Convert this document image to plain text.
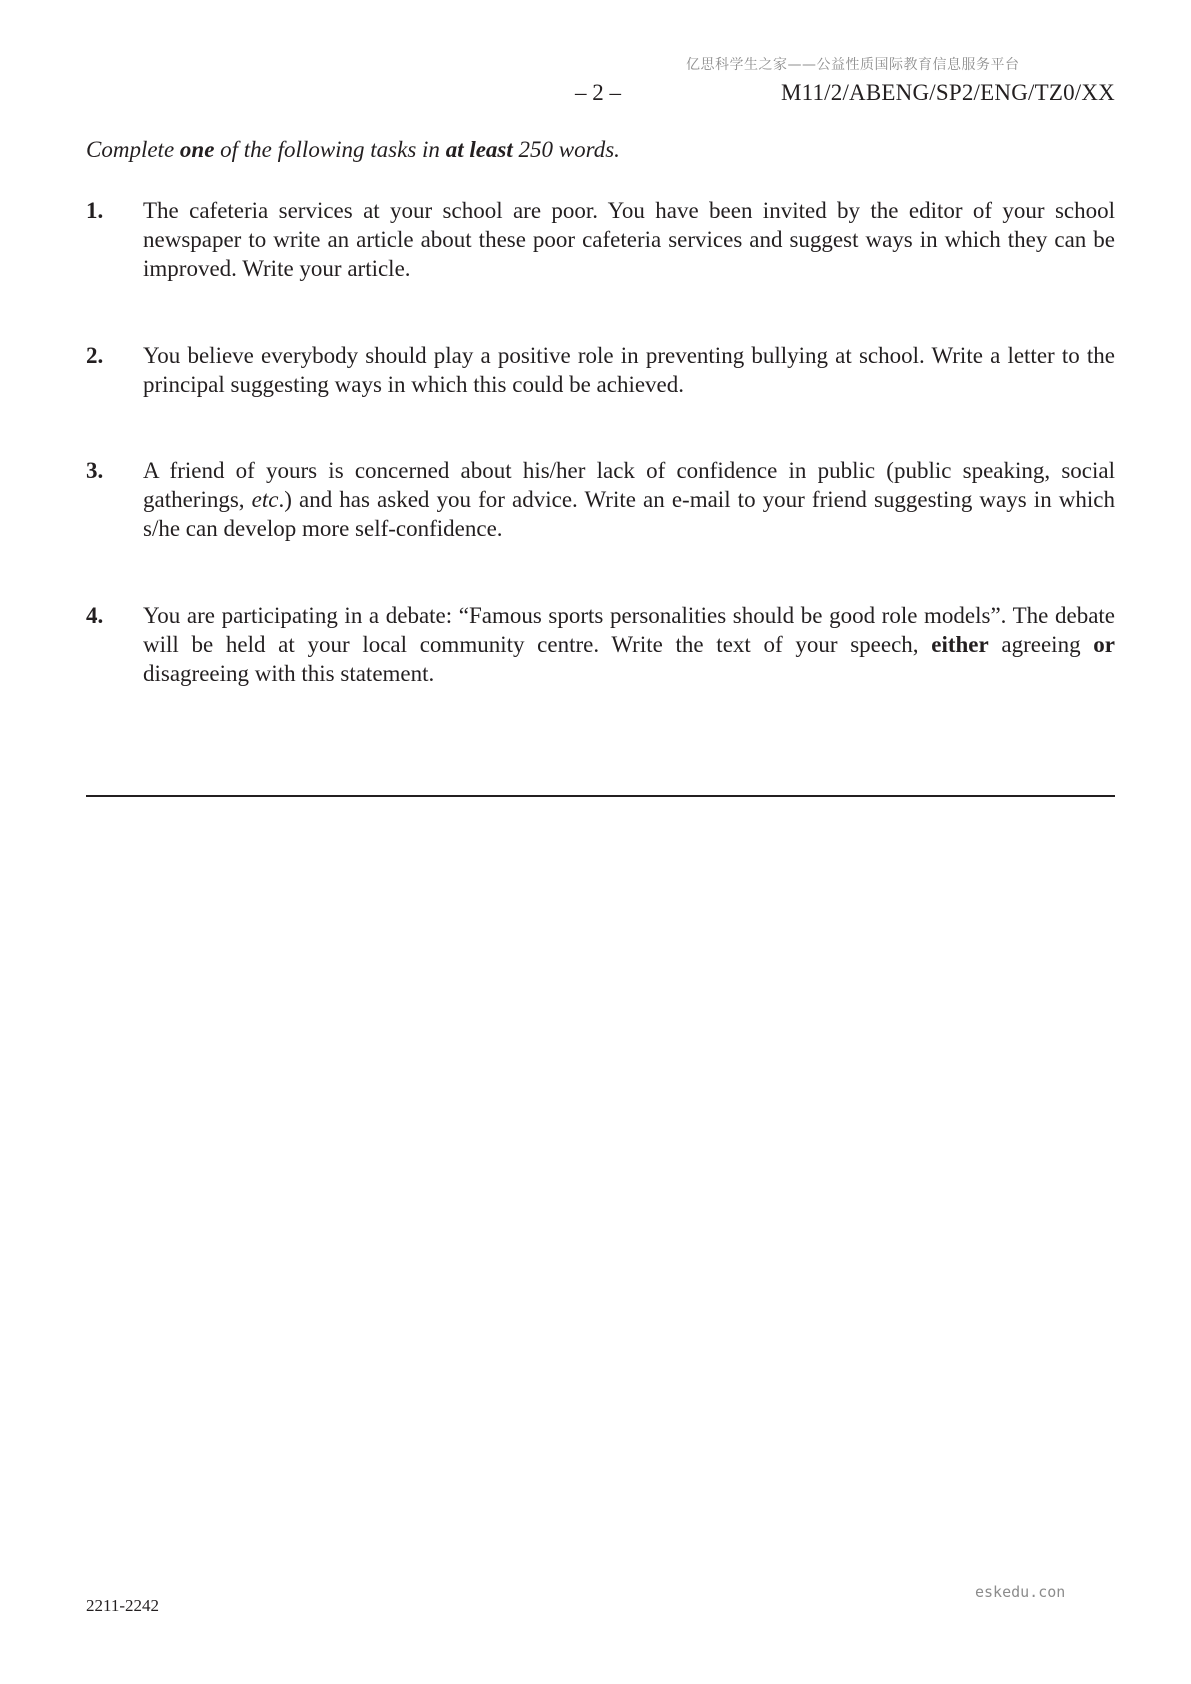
亿思科学生之家——公益性质国际教育信息服务平台
– 2 –	M11/2/ABENG/SP2/ENG/TZ0/XX
Complete one of the following tasks in at least 250 words.
1. The cafeteria services at your school are poor. You have been invited by the editor of your school newspaper to write an article about these poor cafeteria services and suggest ways in which they can be improved. Write your article.
2. You believe everybody should play a positive role in preventing bullying at school. Write a letter to the principal suggesting ways in which this could be achieved.
3. A friend of yours is concerned about his/her lack of confidence in public (public speaking, social gatherings, etc.) and has asked you for advice. Write an e-mail to your friend suggesting ways in which s/he can develop more self-confidence.
4. You are participating in a debate: “Famous sports personalities should be good role models”. The debate will be held at your local community centre. Write the text of your speech, either agreeing or disagreeing with this statement.
eskedu.con
2211-2242
